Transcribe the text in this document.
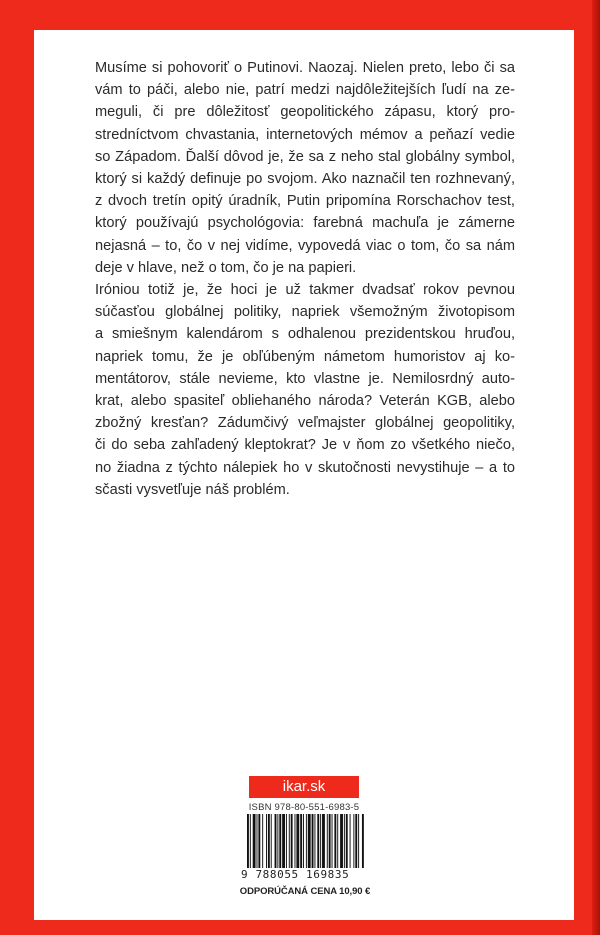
Musíme si pohovoriť o Putinovi. Naozaj. Nielen preto, lebo či sa
vám to páči, alebo nie, patrí medzi najdôležitejších ľudí na ze-
meguli, či pre dôležitosť geopolitického zápasu, ktorý pro-
stredníctvom chvastania, internetových mémov a peňazí vedie
so Západom. Ďalší dôvod je, že sa z neho stal globálny symbol,
ktorý si každý definuje po svojom. Ako naznačil ten rozhnevaný,
z dvoch tretín opitý úradník, Putin pripomína Rorschachov test,
ktorý používajú psychológovia: farebná machuľa je zámerne
nejasná – to, čo v nej vidíme, vypovedá viac o tom, čo sa nám
deje v hlave, než o tom, čo je na papieri.

Iróniou totiž je, že hoci je už takmer dvadsať rokov pevnou
súčasťou globálnej politiky, napriek všemožným životopisom
a smiešnym kalendárom s odhalenou prezidentskou hruďou,
napriek tomu, že je obľúbeným námetom humoristov aj ko-
mentátorov, stále nevieme, kto vlastne je. Nemilosrdný auto-
krat, alebo spasiteľ obliehaného národa? Veterán KGB, alebo
zbožný kresťan? Zádumčivý veľmajster globálnej geopolitiky,
či do seba zahľadený kleptokrat? Je v ňom zo všetkého niečo,
no žiadna z týchto nálepiek ho v skutočnosti nevystihuje – a to
sčasti vysvetľuje náš problém.

ikar.sk
ISBN 978-80-551-6983-5
9 788055 169835
ODPORÚČANÁ CENA 10,90 €
